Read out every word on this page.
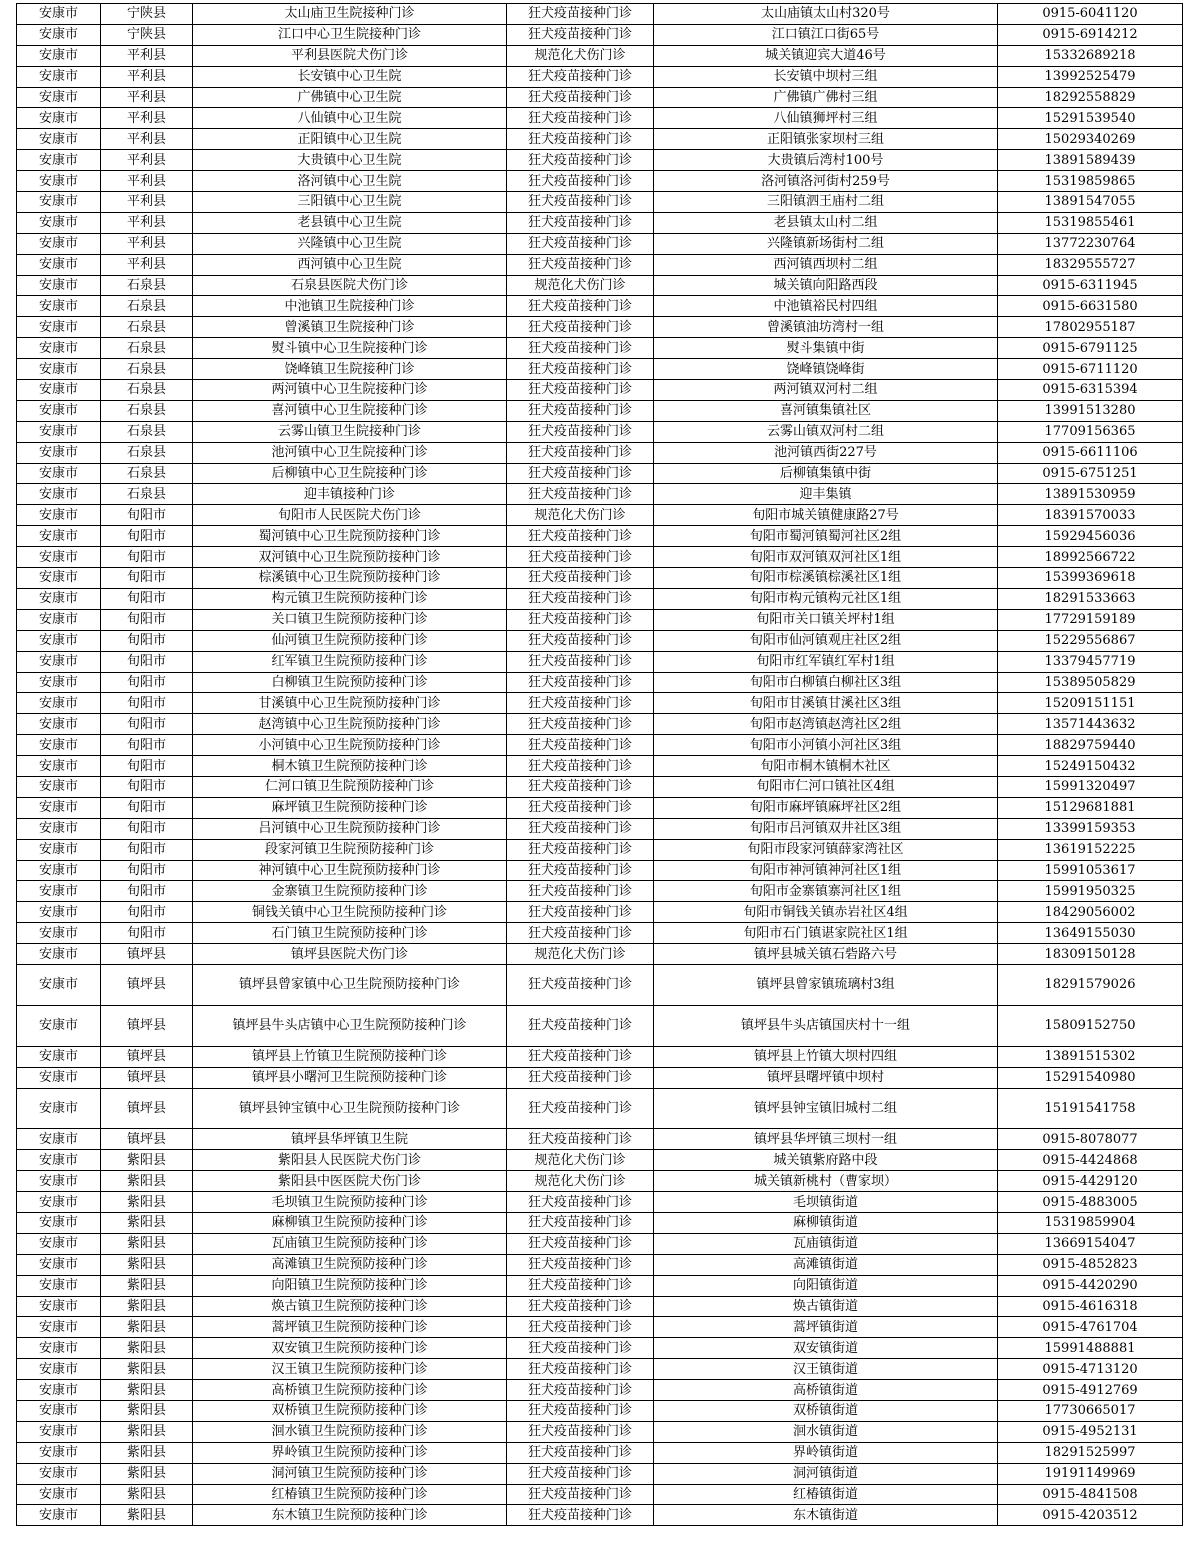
安康市	宁陕县	太山庙卫生院接种门诊	狂犬疫苗接种门诊	太山庙镇太山村320号	0915-6041120
安康市	宁陕县	江口中心卫生院接种门诊	狂犬疫苗接种门诊	江口镇江口街65号	0915-6914212
安康市	平利县	平利县医院犬伤门诊	规范化犬伤门诊	城关镇迎宾大道46号	15332689218
安康市	平利县	长安镇中心卫生院	狂犬疫苗接种门诊	长安镇中坝村三组	13992525479
安康市	平利县	广佛镇中心卫生院	狂犬疫苗接种门诊	广佛镇广佛村三组	18292558829
安康市	平利县	八仙镇中心卫生院	狂犬疫苗接种门诊	八仙镇狮坪村三组	15291539540
安康市	平利县	正阳镇中心卫生院	狂犬疫苗接种门诊	正阳镇张家坝村三组	15029340269
安康市	平利县	大贵镇中心卫生院	狂犬疫苗接种门诊	大贵镇后湾村100号	13891589439
安康市	平利县	洛河镇中心卫生院	狂犬疫苗接种门诊	洛河镇洛河街村259号	15319859865
安康市	平利县	三阳镇中心卫生院	狂犬疫苗接种门诊	三阳镇泗王庙村二组	13891547055
安康市	平利县	老县镇中心卫生院	狂犬疫苗接种门诊	老县镇太山村二组	15319855461
安康市	平利县	兴隆镇中心卫生院	狂犬疫苗接种门诊	兴隆镇新场街村二组	13772230764
安康市	平利县	西河镇中心卫生院	狂犬疫苗接种门诊	西河镇西坝村二组	18329555727
安康市	石泉县	石泉县医院犬伤门诊	规范化犬伤门诊	城关镇向阳路西段	0915-6311945
安康市	石泉县	中池镇卫生院接种门诊	狂犬疫苗接种门诊	中池镇裕民村四组	0915-6631580
安康市	石泉县	曾溪镇卫生院接种门诊	狂犬疫苗接种门诊	曾溪镇油坊湾村一组	17802955187
安康市	石泉县	熨斗镇中心卫生院接种门诊	狂犬疫苗接种门诊	熨斗集镇中街	0915-6791125
安康市	石泉县	饶峰镇卫生院接种门诊	狂犬疫苗接种门诊	饶峰镇饶峰街	0915-6711120
安康市	石泉县	两河镇中心卫生院接种门诊	狂犬疫苗接种门诊	两河镇双河村二组	0915-6315394
安康市	石泉县	喜河镇中心卫生院接种门诊	狂犬疫苗接种门诊	喜河镇集镇社区	13991513280
安康市	石泉县	云雾山镇卫生院接种门诊	狂犬疫苗接种门诊	云雾山镇双河村二组	17709156365
安康市	石泉县	池河镇中心卫生院接种门诊	狂犬疫苗接种门诊	池河镇西街227号	0915-6611106
安康市	石泉县	后柳镇中心卫生院接种门诊	狂犬疫苗接种门诊	后柳镇集镇中街	0915-6751251
安康市	石泉县	迎丰镇接种门诊	狂犬疫苗接种门诊	迎丰集镇	13891530959
安康市	旬阳市	旬阳市人民医院犬伤门诊	规范化犬伤门诊	旬阳市城关镇健康路27号	18391570033
安康市	旬阳市	蜀河镇中心卫生院预防接种门诊	狂犬疫苗接种门诊	旬阳市蜀河镇蜀河社区2组	15929456036
安康市	旬阳市	双河镇中心卫生院预防接种门诊	狂犬疫苗接种门诊	旬阳市双河镇双河社区1组	18992566722
安康市	旬阳市	棕溪镇中心卫生院预防接种门诊	狂犬疫苗接种门诊	旬阳市棕溪镇棕溪社区1组	15399369618
安康市	旬阳市	构元镇卫生院预防接种门诊	狂犬疫苗接种门诊	旬阳市构元镇构元社区1组	18291533663
安康市	旬阳市	关口镇卫生院预防接种门诊	狂犬疫苗接种门诊	旬阳市关口镇关坪村1组	17729159189
安康市	旬阳市	仙河镇卫生院预防接种门诊	狂犬疫苗接种门诊	旬阳市仙河镇观庄社区2组	15229556867
安康市	旬阳市	红军镇卫生院预防接种门诊	狂犬疫苗接种门诊	旬阳市红军镇红军村1组	13379457719
安康市	旬阳市	白柳镇卫生院预防接种门诊	狂犬疫苗接种门诊	旬阳市白柳镇白柳社区3组	15389505829
安康市	旬阳市	甘溪镇中心卫生院预防接种门诊	狂犬疫苗接种门诊	旬阳市甘溪镇甘溪社区3组	15209151151
安康市	旬阳市	赵湾镇中心卫生院预防接种门诊	狂犬疫苗接种门诊	旬阳市赵湾镇赵湾社区2组	13571443632
安康市	旬阳市	小河镇中心卫生院预防接种门诊	狂犬疫苗接种门诊	旬阳市小河镇小河社区3组	18829759440
安康市	旬阳市	桐木镇卫生院预防接种门诊	狂犬疫苗接种门诊	旬阳市桐木镇桐木社区	15249150432
安康市	旬阳市	仁河口镇卫生院预防接种门诊	狂犬疫苗接种门诊	旬阳市仁河口镇社区4组	15991320497
安康市	旬阳市	麻坪镇卫生院预防接种门诊	狂犬疫苗接种门诊	旬阳市麻坪镇麻坪社区2组	15129681881
安康市	旬阳市	吕河镇中心卫生院预防接种门诊	狂犬疫苗接种门诊	旬阳市吕河镇双井社区3组	13399159353
安康市	旬阳市	段家河镇卫生院预防接种门诊	狂犬疫苗接种门诊	旬阳市段家河镇薛家湾社区	13619152225
安康市	旬阳市	神河镇中心卫生院预防接种门诊	狂犬疫苗接种门诊	旬阳市神河镇神河社区1组	15991053617
安康市	旬阳市	金寨镇卫生院预防接种门诊	狂犬疫苗接种门诊	旬阳市金寨镇寨河社区1组	15991950325
安康市	旬阳市	铜钱关镇中心卫生院预防接种门诊	狂犬疫苗接种门诊	旬阳市铜钱关镇赤岩社区4组	18429056002
安康市	旬阳市	石门镇卫生院预防接种门诊	狂犬疫苗接种门诊	旬阳市石门镇谌家院社区1组	13649155030
安康市	镇坪县	镇坪县医院犬伤门诊	规范化犬伤门诊	镇坪县城关镇石砦路六号	18309150128
安康市	镇坪县	镇坪县曾家镇中心卫生院预防接种门诊	狂犬疫苗接种门诊	镇坪县曾家镇琉璃村3组	18291579026
安康市	镇坪县	镇坪县牛头店镇中心卫生院预防接种门诊	狂犬疫苗接种门诊	镇坪县牛头店镇国庆村十一组	15809152750
安康市	镇坪县	镇坪县上竹镇卫生院预防接种门诊	狂犬疫苗接种门诊	镇坪县上竹镇大坝村四组	13891515302
安康市	镇坪县	镇坪县小曙河卫生院预防接种门诊	狂犬疫苗接种门诊	镇坪县曙坪镇中坝村	15291540980
安康市	镇坪县	镇坪县钟宝镇中心卫生院预防接种门诊	狂犬疫苗接种门诊	镇坪县钟宝镇旧城村二组	15191541758
安康市	镇坪县	镇坪县华坪镇卫生院	狂犬疫苗接种门诊	镇坪县华坪镇三坝村一组	0915-8078077
安康市	紫阳县	紫阳县人民医院犬伤门诊	规范化犬伤门诊	城关镇紫府路中段	0915-4424868
安康市	紫阳县	紫阳县中医医院犬伤门诊	规范化犬伤门诊	城关镇新桃村（曹家坝）	0915-4429120
安康市	紫阳县	毛坝镇卫生院预防接种门诊	狂犬疫苗接种门诊	毛坝镇街道	0915-4883005
安康市	紫阳县	麻柳镇卫生院预防接种门诊	狂犬疫苗接种门诊	麻柳镇街道	15319859904
安康市	紫阳县	瓦庙镇卫生院预防接种门诊	狂犬疫苗接种门诊	瓦庙镇街道	13669154047
安康市	紫阳县	高滩镇卫生院预防接种门诊	狂犬疫苗接种门诊	高滩镇街道	0915-4852823
安康市	紫阳县	向阳镇卫生院预防接种门诊	狂犬疫苗接种门诊	向阳镇街道	0915-4420290
安康市	紫阳县	焕古镇卫生院预防接种门诊	狂犬疫苗接种门诊	焕古镇街道	0915-4616318
安康市	紫阳县	蒿坪镇卫生院预防接种门诊	狂犬疫苗接种门诊	蒿坪镇街道	0915-4761704
安康市	紫阳县	双安镇卫生院预防接种门诊	狂犬疫苗接种门诊	双安镇街道	15991488881
安康市	紫阳县	汉王镇卫生院预防接种门诊	狂犬疫苗接种门诊	汉王镇街道	0915-4713120
安康市	紫阳县	高桥镇卫生院预防接种门诊	狂犬疫苗接种门诊	高桥镇街道	0915-4912769
安康市	紫阳县	双桥镇卫生院预防接种门诊	狂犬疫苗接种门诊	双桥镇街道	17730665017
安康市	紫阳县	洄水镇卫生院预防接种门诊	狂犬疫苗接种门诊	洄水镇街道	0915-4952131
安康市	紫阳县	界岭镇卫生院预防接种门诊	狂犬疫苗接种门诊	界岭镇街道	18291525997
安康市	紫阳县	洞河镇卫生院预防接种门诊	狂犬疫苗接种门诊	洞河镇街道	19191149969
安康市	紫阳县	红椿镇卫生院预防接种门诊	狂犬疫苗接种门诊	红椿镇街道	0915-4841508
安康市	紫阳县	东木镇卫生院预防接种门诊	狂犬疫苗接种门诊	东木镇街道	0915-4203512
